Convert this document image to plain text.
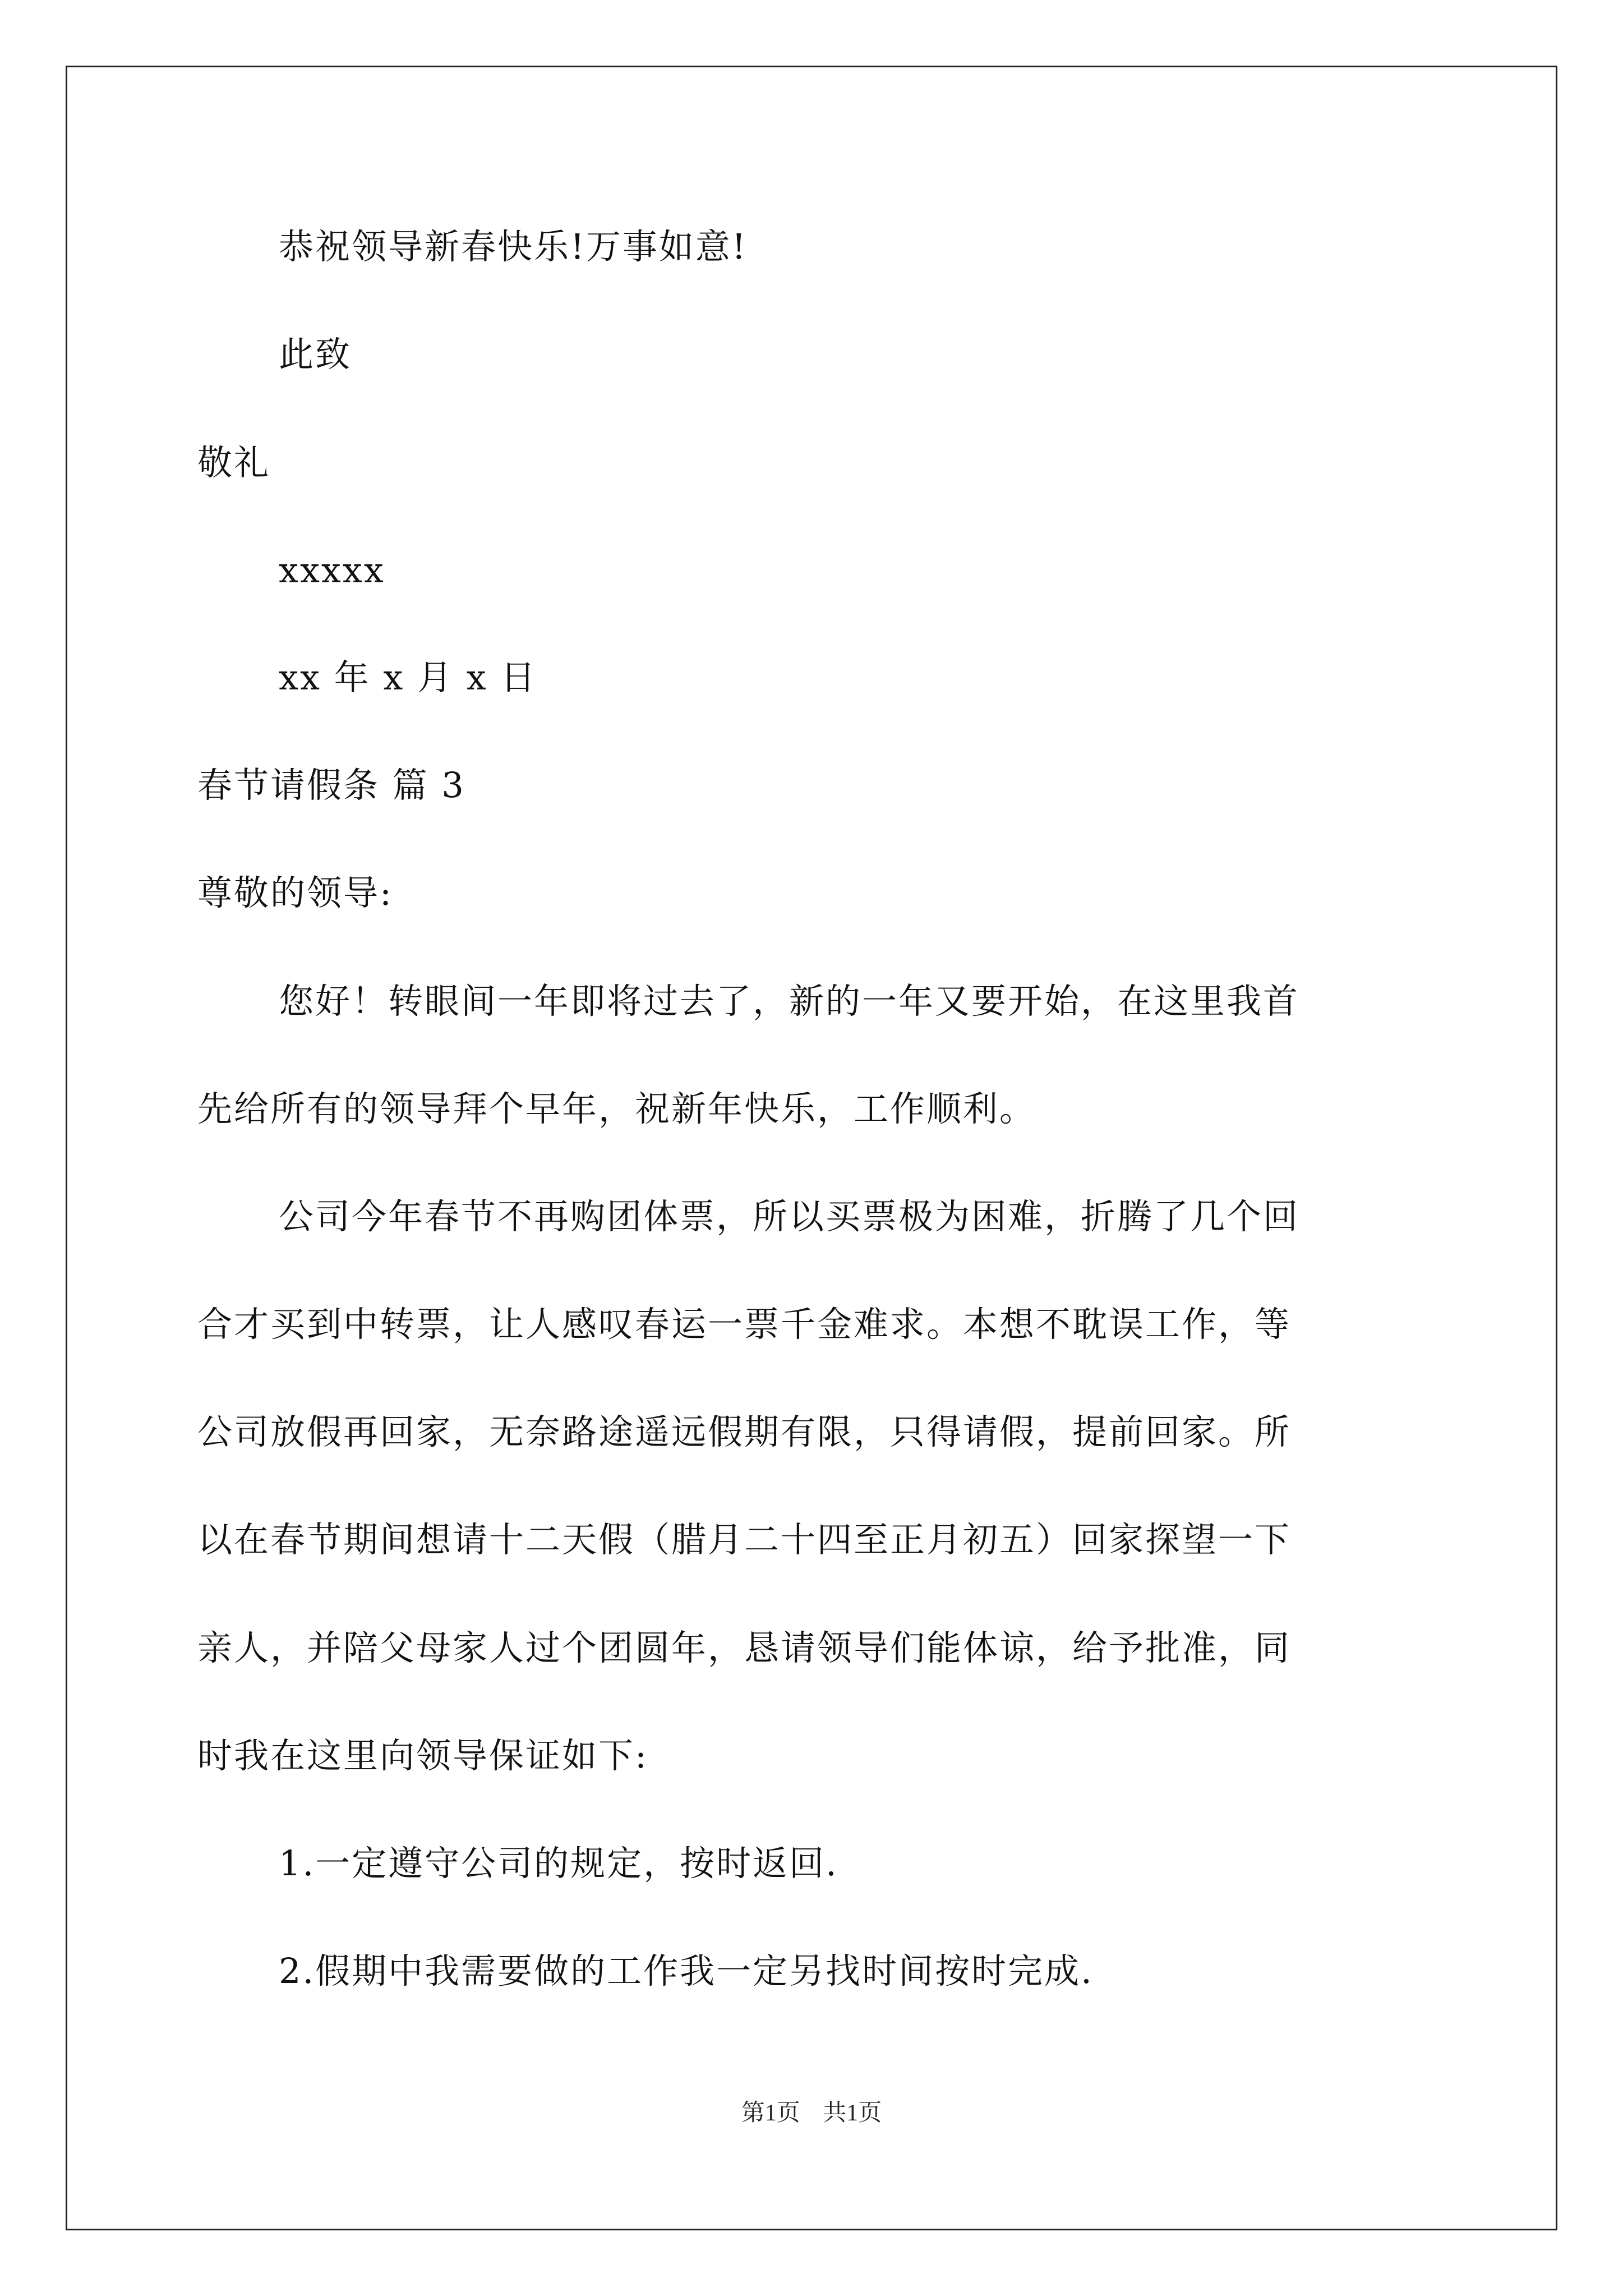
恭祝领导新春快乐!万事如意!
此致
敬礼
xxxxx
xx 年 x 月 x 日
春节请假条 篇 3
尊敬的领导:
您好！转眼间一年即将过去了，新的一年又要开始，在这里我首
先给所有的领导拜个早年，祝新年快乐，工作顺利。
公司今年春节不再购团体票，所以买票极为困难，折腾了几个回
合才买到中转票，让人感叹春运一票千金难求。本想不耽误工作，等
公司放假再回家，无奈路途遥远假期有限，只得请假，提前回家。所
以在春节期间想请十二天假（腊月二十四至正月初五）回家探望一下
亲人，并陪父母家人过个团圆年，恳请领导们能体谅，给予批准，同
时我在这里向领导保证如下:
1.一定遵守公司的规定，按时返回.
2.假期中我需要做的工作我一定另找时间按时完成.
第1页 共1页
